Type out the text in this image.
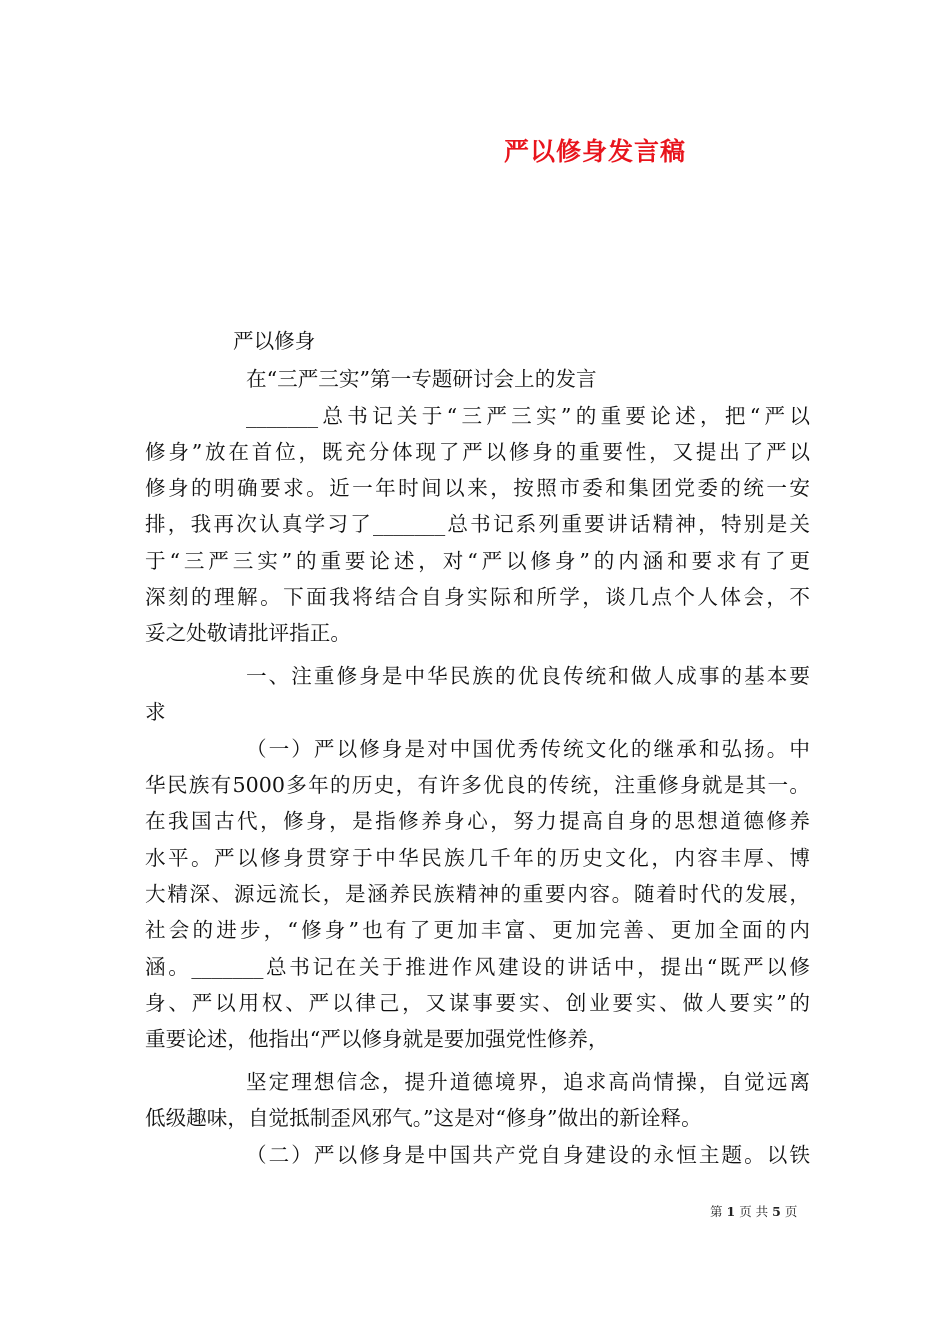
严以修身发言稿

严以修身

在“三严三实”第一专题研讨会上的发言

_______总书记关于“三严三实”的重要论述，把“严以

修身”放在首位，既充分体现了严以修身的重要性，又提出了严以

修身的明确要求。近一年时间以来，按照市委和集团党委的统一安

排，我再次认真学习了_______总书记系列重要讲话精神，特别是关

于“三严三实”的重要论述，对“严以修身”的内涵和要求有了更

深刻的理解。下面我将结合自身实际和所学，谈几点个人体会，不

妥之处敬请批评指正。

一、注重修身是中华民族的优良传统和做人成事的基本要

求

（一）严以修身是对中国优秀传统文化的继承和弘扬。中

华民族有5000多年的历史，有许多优良的传统，注重修身就是其一。

在我国古代，修身，是指修养身心，努力提高自身的思想道德修养

水平。严以修身贯穿于中华民族几千年的历史文化，内容丰厚、博

大精深、源远流长，是涵养民族精神的重要内容。随着时代的发展，

社会的进步，“修身”也有了更加丰富、更加完善、更加全面的内

涵。_______总书记在关于推进作风建设的讲话中，提出“既严以修

身、严以用权、严以律己，又谋事要实、创业要实、做人要实”的

重要论述，他指出“严以修身就是要加强党性修养，

坚定理想信念，提升道德境界，追求高尚情操，自觉远离

低级趣味，自觉抵制歪风邪气。”这是对“修身”做出的新诠释。

（二）严以修身是中国共产党自身建设的永恒主题。以铁

第 1 页 共 5 页
